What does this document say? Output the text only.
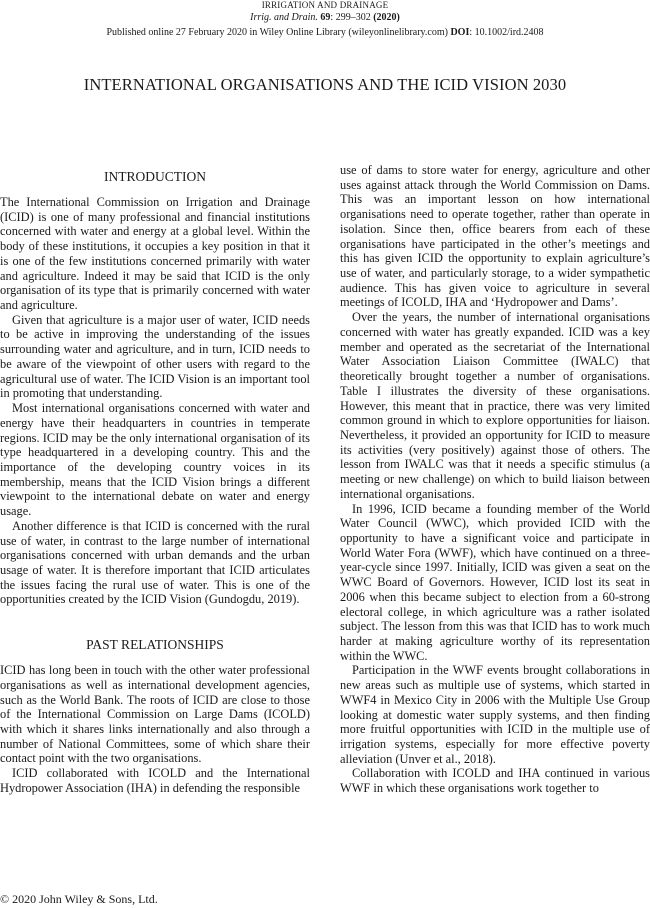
IRRIGATION AND DRAINAGE
Irrig. and Drain. 69: 299–302 (2020)
Published online 27 February 2020 in Wiley Online Library (wileyonlinelibrary.com) DOI: 10.1002/ird.2408
INTERNATIONAL ORGANISATIONS AND THE ICID VISION 2030
INTRODUCTION

The International Commission on Irrigation and Drainage (ICID) is one of many professional and financial institutions concerned with water and energy at a global level. Within the body of these institutions, it occupies a key position in that it is one of the few institutions concerned primarily with water and agriculture. Indeed it may be said that ICID is the only organisation of its type that is primarily concerned with water and agriculture.

Given that agriculture is a major user of water, ICID needs to be active in improving the understanding of the issues surrounding water and agriculture, and in turn, ICID needs to be aware of the viewpoint of other users with regard to the agricultural use of water. The ICID Vision is an important tool in promoting that understanding.

Most international organisations concerned with water and energy have their headquarters in countries in temperate regions. ICID may be the only international organisation of its type headquartered in a developing country. This and the importance of the developing country voices in its membership, means that the ICID Vision brings a different viewpoint to the international debate on water and energy usage.

Another difference is that ICID is concerned with the rural use of water, in contrast to the large number of international organisations concerned with urban demands and the urban usage of water. It is therefore important that ICID articulates the issues facing the rural use of water. This is one of the opportunities created by the ICID Vision (Gundogdu, 2019).

PAST RELATIONSHIPS

ICID has long been in touch with the other water professional organisations as well as international development agencies, such as the World Bank. The roots of ICID are close to those of the International Commission on Large Dams (ICOLD) with which it shares links internationally and also through a number of National Committees, some of which share their contact point with the two organisations.

ICID collaborated with ICOLD and the International Hydropower Association (IHA) in defending the responsible

use of dams to store water for energy, agriculture and other uses against attack through the World Commission on Dams. This was an important lesson on how international organisations need to operate together, rather than operate in isolation. Since then, office bearers from each of these organisations have participated in the other’s meetings and this has given ICID the opportunity to explain agriculture’s use of water, and particularly storage, to a wider sympathetic audience. This has given voice to agriculture in several meetings of ICOLD, IHA and ‘Hydropower and Dams’.

Over the years, the number of international organisations concerned with water has greatly expanded. ICID was a key member and operated as the secretariat of the International Water Association Liaison Committee (IWALC) that theoretically brought together a number of organisations. Table I illustrates the diversity of these organisations. However, this meant that in practice, there was very limited common ground in which to explore opportunities for liaison. Nevertheless, it provided an opportunity for ICID to measure its activities (very positively) against those of others. The lesson from IWALC was that it needs a specific stimulus (a meeting or new challenge) on which to build liaison between international organisations.

In 1996, ICID became a founding member of the World Water Council (WWC), which provided ICID with the opportunity to have a significant voice and participate in World Water Fora (WWF), which have continued on a three-year-cycle since 1997. Initially, ICID was given a seat on the WWC Board of Governors. However, ICID lost its seat in 2006 when this became subject to election from a 60-strong electoral college, in which agriculture was a rather isolated subject. The lesson from this was that ICID has to work much harder at making agriculture worthy of its representation within the WWC.

Participation in the WWF events brought collaborations in new areas such as multiple use of systems, which started in WWF4 in Mexico City in 2006 with the Multiple Use Group looking at domestic water supply systems, and then finding more fruitful opportunities with ICID in the multiple use of irrigation systems, especially for more effective poverty alleviation (Unver et al., 2018).

Collaboration with ICOLD and IHA continued in various WWF in which these organisations work together to

© 2020 John Wiley & Sons, Ltd.
